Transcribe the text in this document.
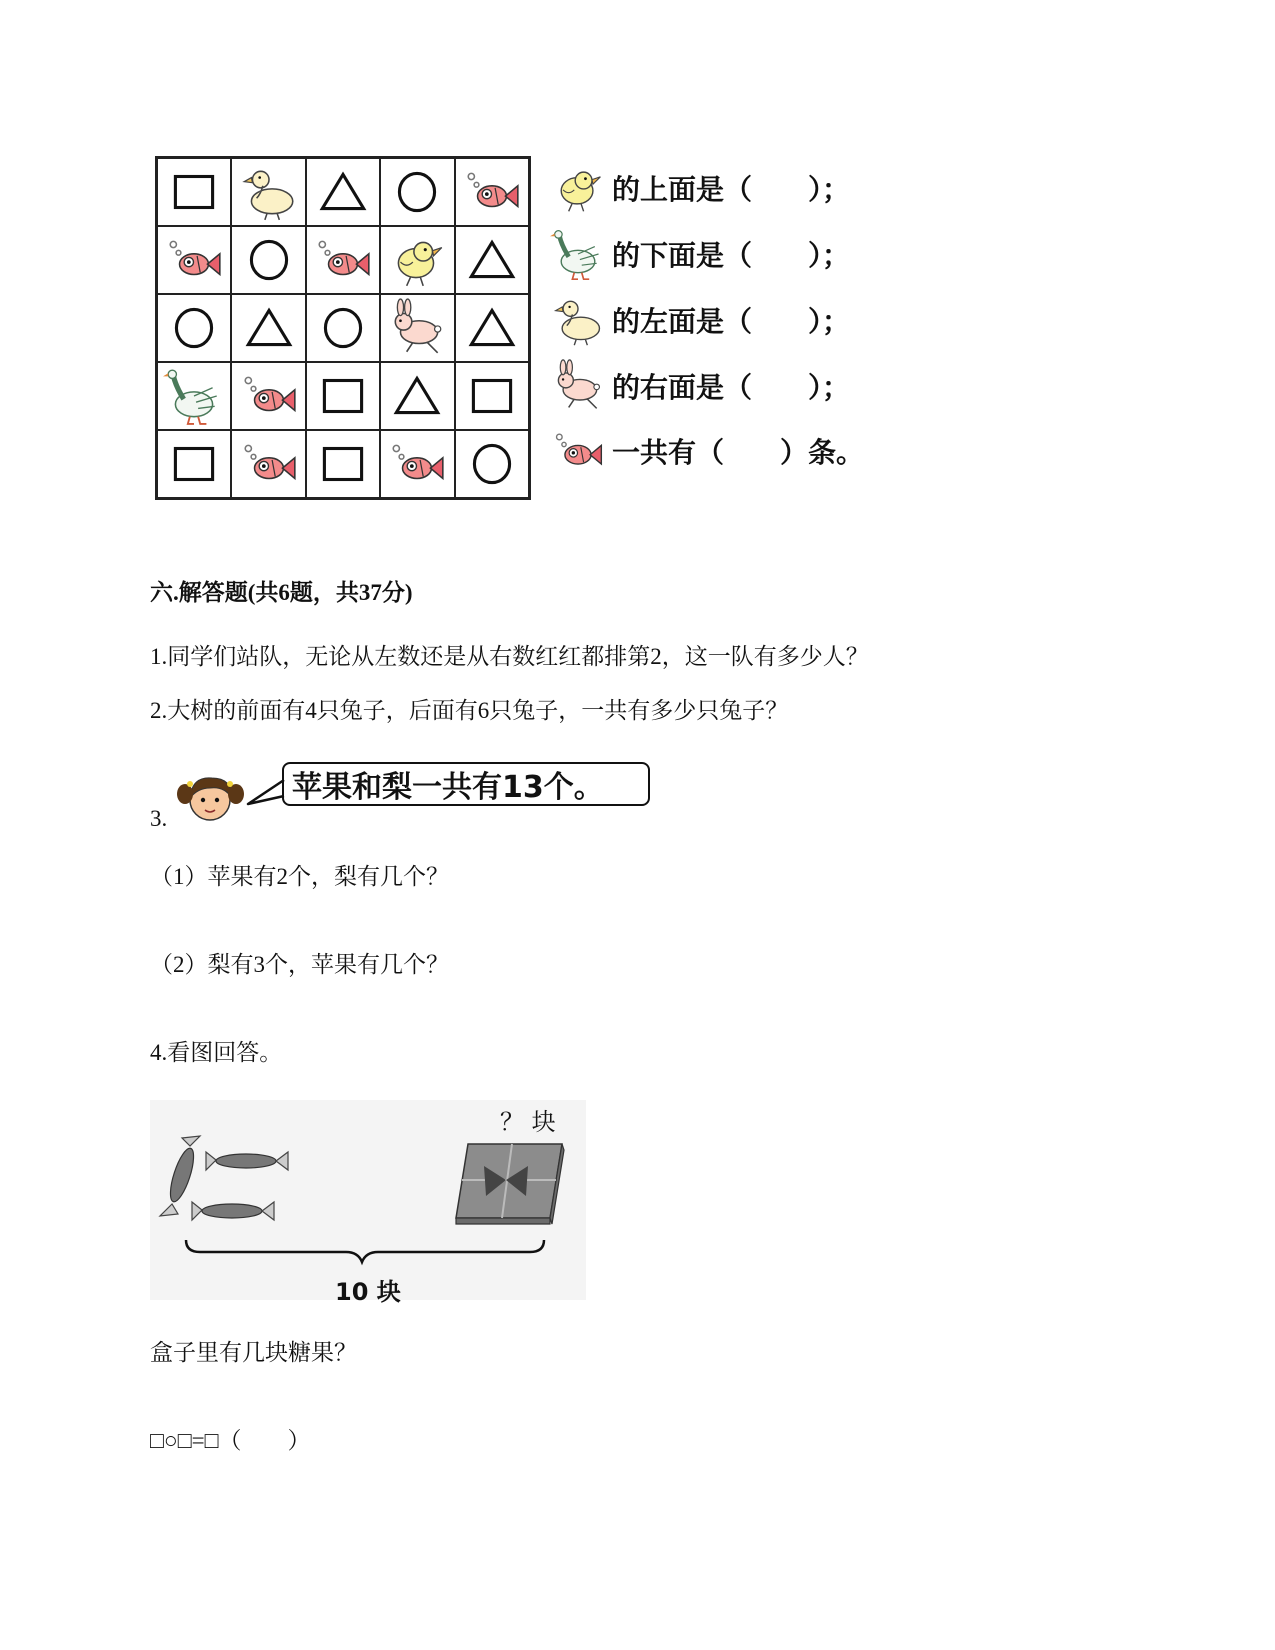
的上面是（　　）；
的下面是（　　）；
的左面是（　　）；
的右面是（　　）；
一共有（　　）条。
六.解答题(共6题，共37分)
1.同学们站队，无论从左数还是从右数红红都排第2，这一队有多少人？
2.大树的前面有4只兔子，后面有6只兔子，一共有多少只兔子？
3.
苹果和梨一共有13个。
（1）苹果有2个，梨有几个？
（2）梨有3个，苹果有几个？
4.看图回答。
？ 块
10 块
盒子里有几块糖果？
□○□=□（　　）
